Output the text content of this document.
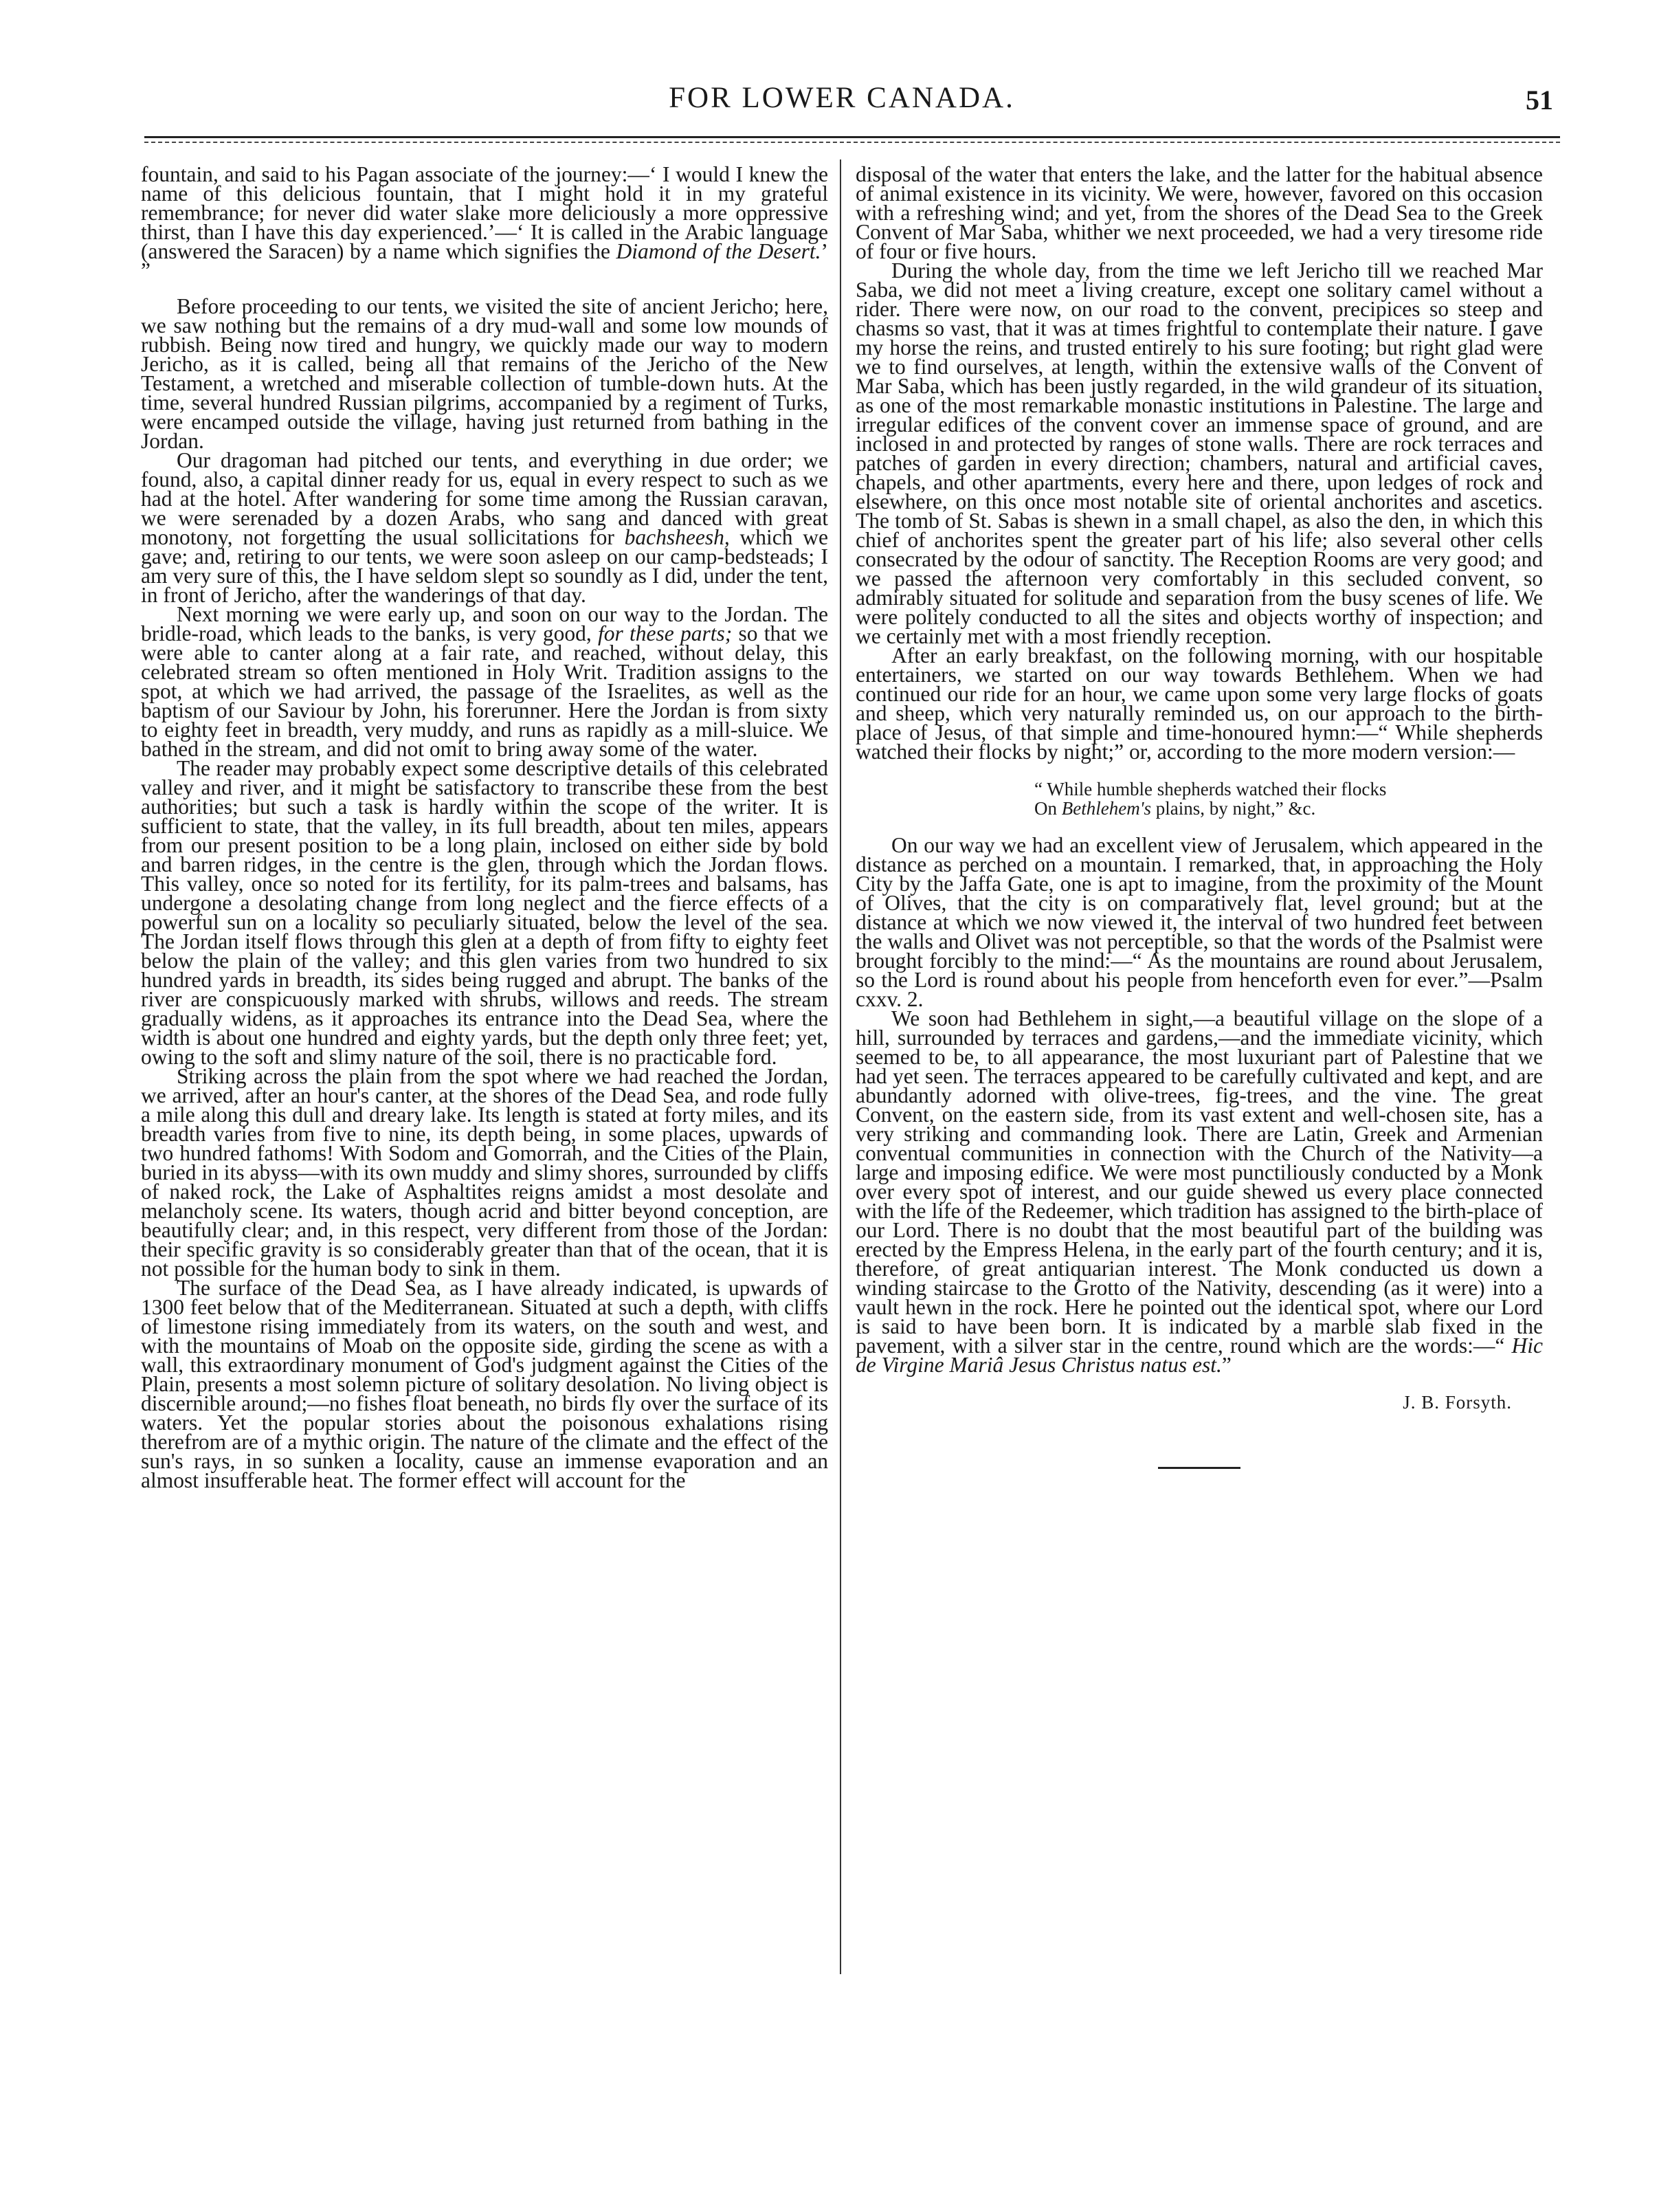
FOR LOWER CANADA.	51

fountain, and said to his Pagan associate of the journey:—‘ I would I knew the name of this delicious fountain, that I might hold it in my grateful remembrance; for never did water slake more deliciously a more oppressive thirst, than I have this day experienced.’—‘ It is called in the Arabic language (answered the Saracen) by a name which signifies the Diamond of the Desert.’ ”

Before proceeding to our tents, we visited the site of ancient Jericho; here, we saw nothing but the remains of a dry mud-wall and some low mounds of rubbish. Being now tired and hungry, we quickly made our way to modern Jericho, as it is called, being all that remains of the Jericho of the New Testament, a wretched and miserable collection of tumble-down huts. At the time, several hundred Russian pilgrims, accompanied by a regiment of Turks, were encamped outside the village, having just returned from bathing in the Jordan.

Our dragoman had pitched our tents, and everything in due order; we found, also, a capital dinner ready for us, equal in every respect to such as we had at the hotel. After wandering for some time among the Russian caravan, we were serenaded by a dozen Arabs, who sang and danced with great monotony, not forgetting the usual sollicitations for bachsheesh, which we gave; and, retiring to our tents, we were soon asleep on our camp-bedsteads; I am very sure of this, the I have seldom slept so soundly as I did, under the tent, in front of Jericho, after the wanderings of that day.

Next morning we were early up, and soon on our way to the Jordan. The bridle-road, which leads to the banks, is very good, for these parts; so that we were able to canter along at a fair rate, and reached, without delay, this celebrated stream so often mentioned in Holy Writ. Tradition assigns to the spot, at which we had arrived, the passage of the Israelites, as well as the baptism of our Saviour by John, his forerunner. Here the Jordan is from sixty to eighty feet in breadth, very muddy, and runs as rapidly as a mill-sluice. We bathed in the stream, and did not omit to bring away some of the water.

The reader may probably expect some descriptive details of this celebrated valley and river, and it might be satisfactory to transcribe these from the best authorities; but such a task is hardly within the scope of the writer. It is sufficient to state, that the valley, in its full breadth, about ten miles, appears from our present position to be a long plain, inclosed on either side by bold and barren ridges, in the centre is the glen, through which the Jordan flows. This valley, once so noted for its fertility, for its palm-trees and balsams, has undergone a desolating change from long neglect and the fierce effects of a powerful sun on a locality so peculiarly situated, below the level of the sea. The Jordan itself flows through this glen at a depth of from fifty to eighty feet below the plain of the valley; and this glen varies from two hundred to six hundred yards in breadth, its sides being rugged and abrupt. The banks of the river are conspicuously marked with shrubs, willows and reeds. The stream gradually widens, as it approaches its entrance into the Dead Sea, where the width is about one hundred and eighty yards, but the depth only three feet; yet, owing to the soft and slimy nature of the soil, there is no practicable ford.

Striking across the plain from the spot where we had reached the Jordan, we arrived, after an hour's canter, at the shores of the Dead Sea, and rode fully a mile along this dull and dreary lake. Its length is stated at forty miles, and its breadth varies from five to nine, its depth being, in some places, upwards of two hundred fathoms! With Sodom and Gomorrah, and the Cities of the Plain, buried in its abyss—with its own muddy and slimy shores, surrounded by cliffs of naked rock, the Lake of Asphaltites reigns amidst a most desolate and melancholy scene. Its waters, though acrid and bitter beyond conception, are beautifully clear; and, in this respect, very different from those of the Jordan: their specific gravity is so considerably greater than that of the ocean, that it is not possible for the human body to sink in them.

The surface of the Dead Sea, as I have already indicated, is upwards of 1300 feet below that of the Mediterranean. Situated at such a depth, with cliffs of limestone rising immediately from its waters, on the south and west, and with the mountains of Moab on the opposite side, girding the scene as with a wall, this extraordinary monument of God's judgment against the Cities of the Plain, presents a most solemn picture of solitary desolation. No living object is discernible around;—no fishes float beneath, no birds fly over the surface of its waters. Yet the popular stories about the poisonous exhalations rising therefrom are of a mythic origin. The nature of the climate and the effect of the sun's rays, in so sunken a locality, cause an immense evaporation and an almost insufferable heat. The former effect will account for the

disposal of the water that enters the lake, and the latter for the habitual absence of animal existence in its vicinity. We were, however, favored on this occasion with a refreshing wind; and yet, from the shores of the Dead Sea to the Greek Convent of Mar Saba, whither we next proceeded, we had a very tiresome ride of four or five hours.

During the whole day, from the time we left Jericho till we reached Mar Saba, we did not meet a living creature, except one solitary camel without a rider. There were now, on our road to the convent, precipices so steep and chasms so vast, that it was at times frightful to contemplate their nature. I gave my horse the reins, and trusted entirely to his sure footing; but right glad were we to find ourselves, at length, within the extensive walls of the Convent of Mar Saba, which has been justly regarded, in the wild grandeur of its situation, as one of the most remarkable monastic institutions in Palestine. The large and irregular edifices of the convent cover an immense space of ground, and are inclosed in and protected by ranges of stone walls. There are rock terraces and patches of garden in every direction; chambers, natural and artificial caves, chapels, and other apartments, every here and there, upon ledges of rock and elsewhere, on this once most notable site of oriental anchorites and ascetics. The tomb of St. Sabas is shewn in a small chapel, as also the den, in which this chief of anchorites spent the greater part of his life; also several other cells consecrated by the odour of sanctity. The Reception Rooms are very good; and we passed the afternoon very comfortably in this secluded convent, so admirably situated for solitude and separation from the busy scenes of life. We were politely conducted to all the sites and objects worthy of inspection; and we certainly met with a most friendly reception.

After an early breakfast, on the following morning, with our hospitable entertainers, we started on our way towards Bethlehem. When we had continued our ride for an hour, we came upon some very large flocks of goats and sheep, which very naturally reminded us, on our approach to the birth-place of Jesus, of that simple and time-honoured hymn:—“ While shepherds watched their flocks by night;” or, according to the more modern version:—

“ While humble shepherds watched their flocks
On Bethlehem's plains, by night,” &c.

On our way we had an excellent view of Jerusalem, which appeared in the distance as perched on a mountain. I remarked, that, in approaching the Holy City by the Jaffa Gate, one is apt to imagine, from the proximity of the Mount of Olives, that the city is on comparatively flat, level ground; but at the distance at which we now viewed it, the interval of two hundred feet between the walls and Olivet was not perceptible, so that the words of the Psalmist were brought forcibly to the mind:—“ As the mountains are round about Jerusalem, so the Lord is round about his people from henceforth even for ever.”—Psalm cxxv. 2.

We soon had Bethlehem in sight,—a beautiful village on the slope of a hill, surrounded by terraces and gardens,—and the immediate vicinity, which seemed to be, to all appearance, the most luxuriant part of Palestine that we had yet seen. The terraces appeared to be carefully cultivated and kept, and are abundantly adorned with olive-trees, fig-trees, and the vine. The great Convent, on the eastern side, from its vast extent and well-chosen site, has a very striking and commanding look. There are Latin, Greek and Armenian conventual communities in connection with the Church of the Nativity—a large and imposing edifice. We were most punctiliously conducted by a Monk over every spot of interest, and our guide shewed us every place connected with the life of the Redeemer, which tradition has assigned to the birth-place of our Lord. There is no doubt that the most beautiful part of the building was erected by the Empress Helena, in the early part of the fourth century; and it is, therefore, of great antiquarian interest. The Monk conducted us down a winding staircase to the Grotto of the Nativity, descending (as it were) into a vault hewn in the rock. Here he pointed out the identical spot, where our Lord is said to have been born. It is indicated by a marble slab fixed in the pavement, with a silver star in the centre, round which are the words:—“ Hic de Virgine Mariâ Jesus Christus natus est.”

J. B. Forsyth.
